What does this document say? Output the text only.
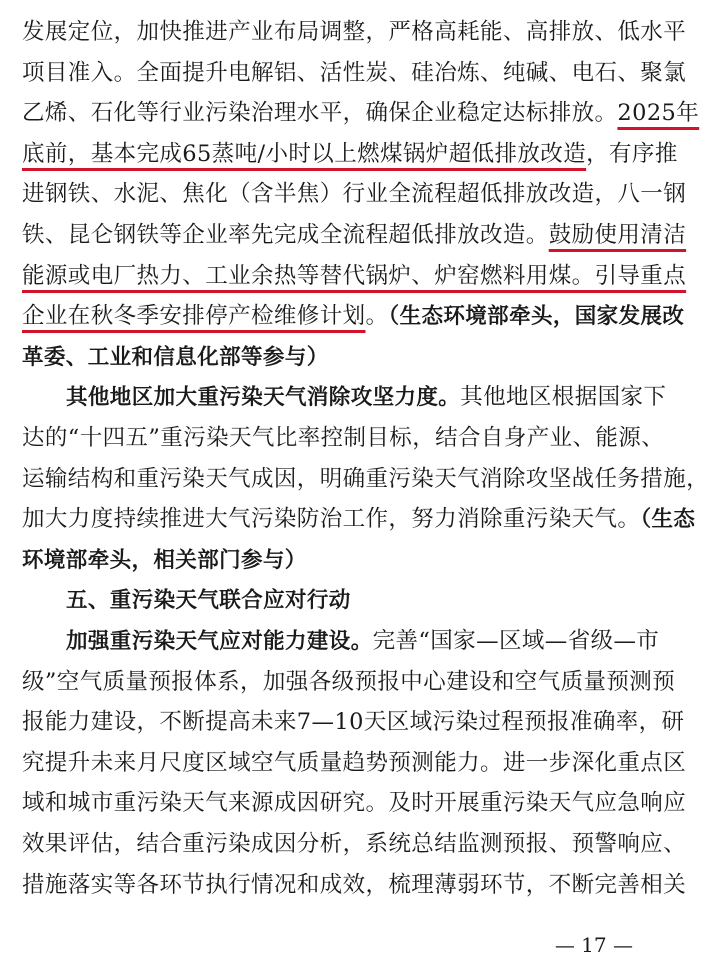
发展定位，加快推进产业布局调整，严格高耗能、高排放、低水平
项目准入。全面提升电解铝、活性炭、硅冶炼、纯碱、电石、聚氯
乙烯、石化等行业污染治理水平，确保企业稳定达标排放。2025年
底前，基本完成65蒸吨/小时以上燃煤锅炉超低排放改造，有序推
进钢铁、水泥、焦化（含半焦）行业全流程超低排放改造，八一钢
铁、昆仑钢铁等企业率先完成全流程超低排放改造。鼓励使用清洁
能源或电厂热力、工业余热等替代锅炉、炉窑燃料用煤。引导重点
企业在秋冬季安排停产检维修计划。（生态环境部牵头，国家发展改
革委、工业和信息化部等参与）
其他地区加大重污染天气消除攻坚力度。其他地区根据国家下
达的“十四五”重污染天气比率控制目标，结合自身产业、能源、
运输结构和重污染天气成因，明确重污染天气消除攻坚战任务措施，
加大力度持续推进大气污染防治工作，努力消除重污染天气。（生态
环境部牵头，相关部门参与）
五、重污染天气联合应对行动
加强重污染天气应对能力建设。完善“国家—区域—省级—市
级”空气质量预报体系，加强各级预报中心建设和空气质量预测预
报能力建设，不断提高未来7—10天区域污染过程预报准确率，研
究提升未来月尺度区域空气质量趋势预测能力。进一步深化重点区
域和城市重污染天气来源成因研究。及时开展重污染天气应急响应
效果评估，结合重污染成因分析，系统总结监测预报、预警响应、
措施落实等各环节执行情况和成效，梳理薄弱环节，不断完善相关
— 17 —
